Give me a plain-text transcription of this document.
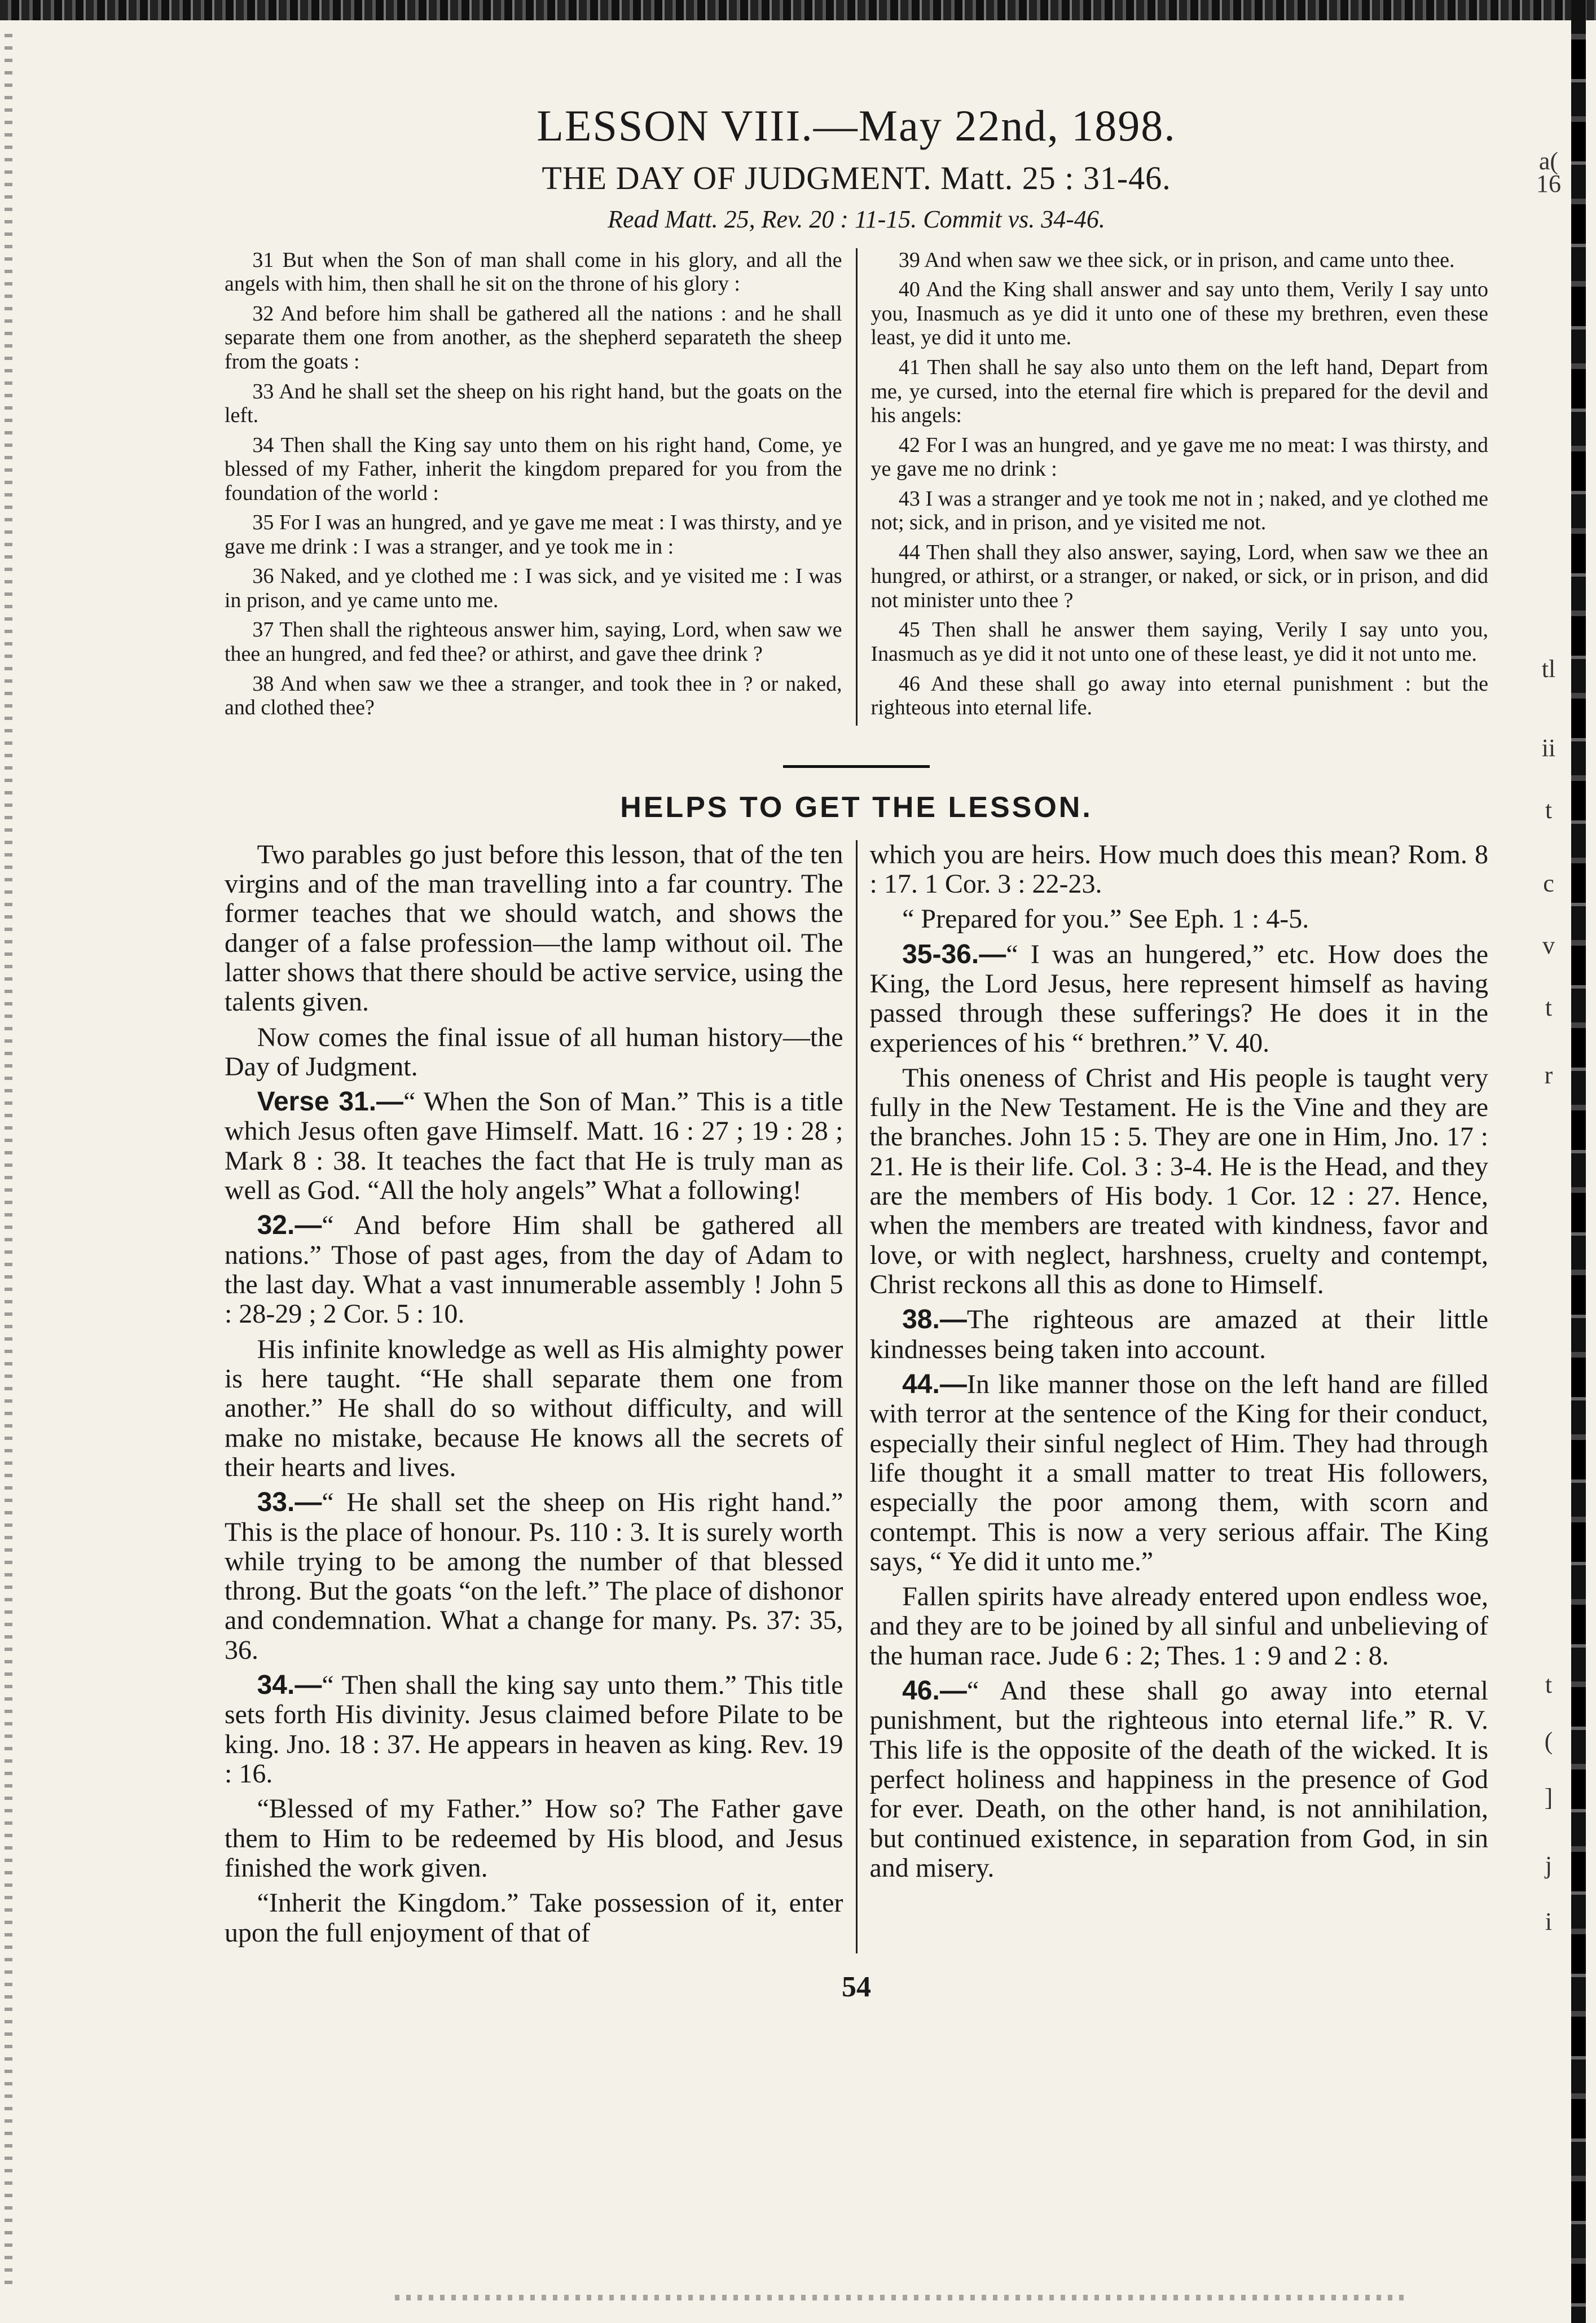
a(
16
tl
ii
t
c
v
t
r
t
(
]
j
i
LESSON VIII.—May 22nd, 1898.
THE DAY OF JUDGMENT. Matt. 25 : 31-46.
Read Matt. 25, Rev. 20 : 11-15. Commit vs. 34-46.

31 But when the Son of man shall come in his glory, and all the angels with him, then shall he sit on the throne of his glory :

32 And before him shall be gathered all the nations : and he shall separate them one from another, as the shepherd separateth the sheep from the goats :

33 And he shall set the sheep on his right hand, but the goats on the left.

34 Then shall the King say unto them on his right hand, Come, ye blessed of my Father, inherit the kingdom prepared for you from the foundation of the world :

35 For I was an hungred, and ye gave me meat : I was thirsty, and ye gave me drink : I was a stranger, and ye took me in :

36 Naked, and ye clothed me : I was sick, and ye visited me : I was in prison, and ye came unto me.

37 Then shall the righteous answer him, saying, Lord, when saw we thee an hungred, and fed thee? or athirst, and gave thee drink ?

38 And when saw we thee a stranger, and took thee in ? or naked, and clothed thee?

39 And when saw we thee sick, or in prison, and came unto thee.

40 And the King shall answer and say unto them, Verily I say unto you, Inasmuch as ye did it unto one of these my brethren, even these least, ye did it unto me.

41 Then shall he say also unto them on the left hand, Depart from me, ye cursed, into the eternal fire which is prepared for the devil and his angels:

42 For I was an hungred, and ye gave me no meat: I was thirsty, and ye gave me no drink :

43 I was a stranger and ye took me not in ; naked, and ye clothed me not; sick, and in prison, and ye visited me not.

44 Then shall they also answer, saying, Lord, when saw we thee an hungred, or athirst, or a stranger, or naked, or sick, or in prison, and did not minister unto thee ?

45 Then shall he answer them saying, Verily I say unto you, Inasmuch as ye did it not unto one of these least, ye did it not unto me.

46 And these shall go away into eternal punishment : but the righteous into eternal life.

HELPS TO GET THE LESSON.

Two parables go just before this lesson, that of the ten virgins and of the man travelling into a far country. The former teaches that we should watch, and shows the danger of a false profession—the lamp without oil. The latter shows that there should be active service, using the talents given.

Now comes the final issue of all human history—the Day of Judgment.

Verse 31.—“ When the Son of Man.” This is a title which Jesus often gave Himself. Matt. 16 : 27 ; 19 : 28 ; Mark 8 : 38. It teaches the fact that He is truly man as well as God. “All the holy angels” What a following!

32.—“ And before Him shall be gathered all nations.” Those of past ages, from the day of Adam to the last day. What a vast innumerable assembly ! John 5 : 28-29 ; 2 Cor. 5 : 10.

His infinite knowledge as well as His almighty power is here taught. “He shall separate them one from another.” He shall do so without difficulty, and will make no mistake, because He knows all the secrets of their hearts and lives.

33.—“ He shall set the sheep on His right hand.” This is the place of honour. Ps. 110 : 3. It is surely worth while trying to be among the number of that blessed throng. But the goats “on the left.” The place of dishonor and condemnation. What a change for many. Ps. 37: 35, 36.

34.—“ Then shall the king say unto them.” This title sets forth His divinity. Jesus claimed before Pilate to be king. Jno. 18 : 37. He appears in heaven as king. Rev. 19 : 16.

“Blessed of my Father.” How so? The Father gave them to Him to be redeemed by His blood, and Jesus finished the work given.

“Inherit the Kingdom.” Take possession of it, enter upon the full enjoyment of that of

which you are heirs. How much does this mean? Rom. 8 : 17. 1 Cor. 3 : 22-23.

“ Prepared for you.” See Eph. 1 : 4-5.

35-36.—“ I was an hungered,” etc. How does the King, the Lord Jesus, here represent himself as having passed through these sufferings? He does it in the experiences of his “ brethren.” V. 40.

This oneness of Christ and His people is taught very fully in the New Testament. He is the Vine and they are the branches. John 15 : 5. They are one in Him, Jno. 17 : 21. He is their life. Col. 3 : 3-4. He is the Head, and they are the members of His body. 1 Cor. 12 : 27. Hence, when the members are treated with kindness, favor and love, or with neglect, harshness, cruelty and contempt, Christ reckons all this as done to Himself.

38.—The righteous are amazed at their little kindnesses being taken into account.

44.—In like manner those on the left hand are filled with terror at the sentence of the King for their conduct, especially their sinful neglect of Him. They had through life thought it a small matter to treat His followers, especially the poor among them, with scorn and contempt. This is now a very serious affair. The King says, “ Ye did it unto me.”

Fallen spirits have already entered upon endless woe, and they are to be joined by all sinful and unbelieving of the human race. Jude 6 : 2; Thes. 1 : 9 and 2 : 8.

46.—“ And these shall go away into eternal punishment, but the righteous into eternal life.” R. V. This life is the opposite of the death of the wicked. It is perfect holiness and happiness in the presence of God for ever. Death, on the other hand, is not annihilation, but continued existence, in separation from God, in sin and misery.

54
